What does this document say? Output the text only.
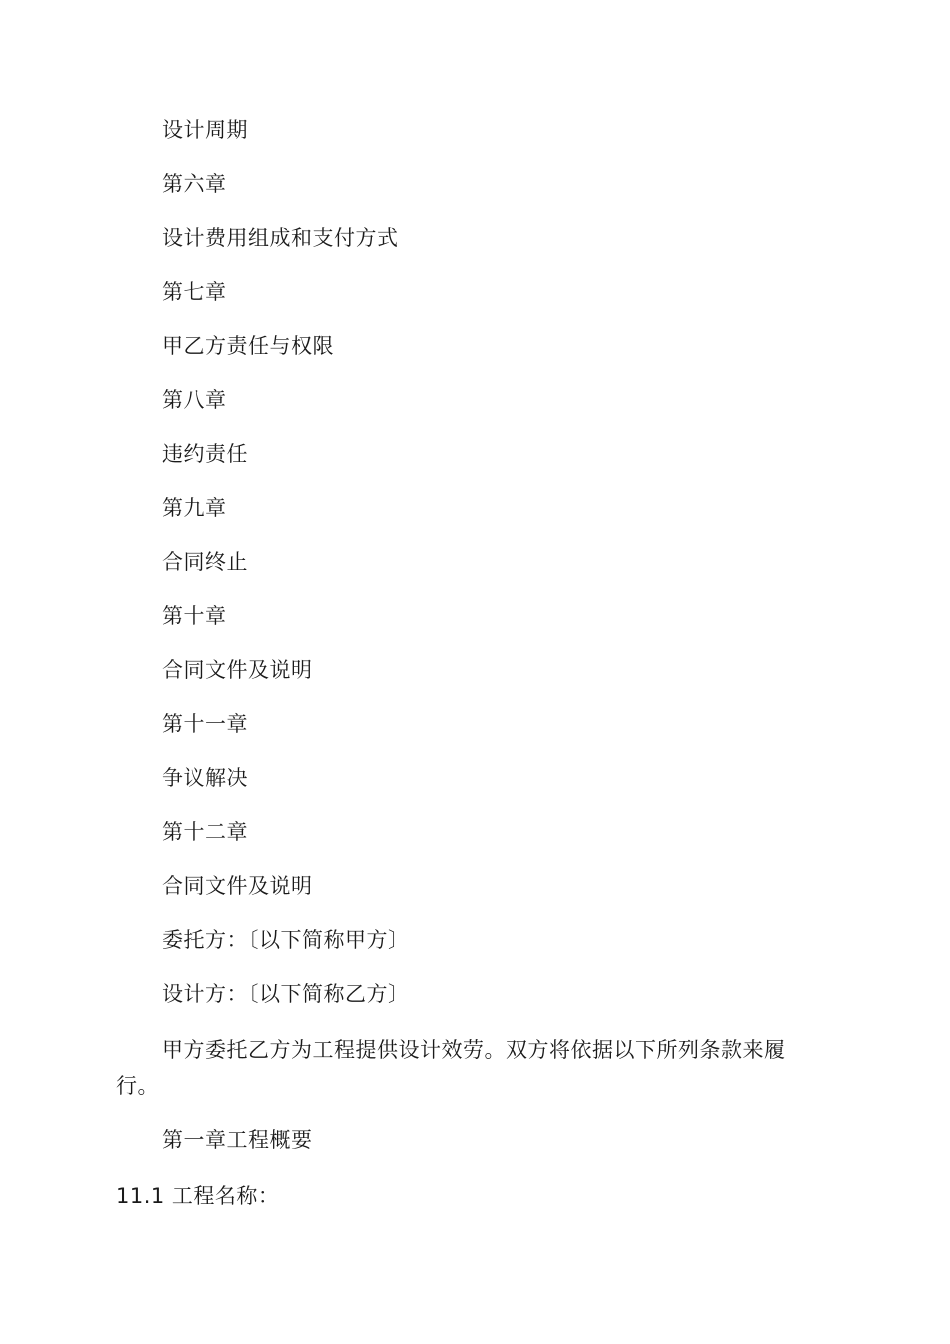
设计周期
第六章
设计费用组成和支付方式
第七章
甲乙方责任与权限
第八章
违约责任
第九章
合同终止
第十章
合同文件及说明
第十一章
争议解决
第十二章
合同文件及说明
委托方：〔以下简称甲方〕
设计方：〔以下简称乙方〕
甲方委托乙方为工程提供设计效劳。双方将依据以下所列条款来履行。
第一章工程概要
11.1 工程名称：
